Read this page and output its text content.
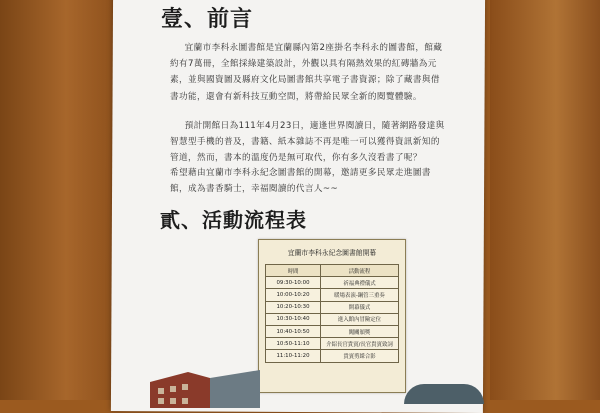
壹、前言

宜蘭市李科永圖書館是宜蘭縣內第2座掛名李科永的圖書館，館藏約有7萬冊，全館採綠建築設計，外觀以具有隔熱效果的紅磚牆為元素，並與國資圖及縣府文化局圖書館共享電子書資源；除了藏書與借書功能，還會有新科技互動空間，將帶給民眾全新的閱覽體驗。

預計開館日為111年4月23日，適逢世界閱讀日，隨著網路發達與智慧型手機的普及，書籍、紙本雜誌不再是唯一可以獲得資訊新知的管道，然而，書本的溫度仍是無可取代，你有多久沒看書了呢？

希望藉由宜蘭市李科永紀念圖書館的開幕，邀請更多民眾走進圖書館，成為書香騎士，幸福閱讀的代言人~~

貳、活動流程表
宜蘭市李科永紀念圖書館開幕
時間	活動流程
09:30-10:00	祈福典禮儀式
10:00-10:20	暖場表演-鋼管三重奏
10:20-10:30	開幕儀式
10:30-10:40	進入館內冒險定位
10:40-10:50	闖關頒獎
10:50-11:10	介紹長官貴賓/長官貴賓致詞
11:10-11:20	貴賓剪綵合影
